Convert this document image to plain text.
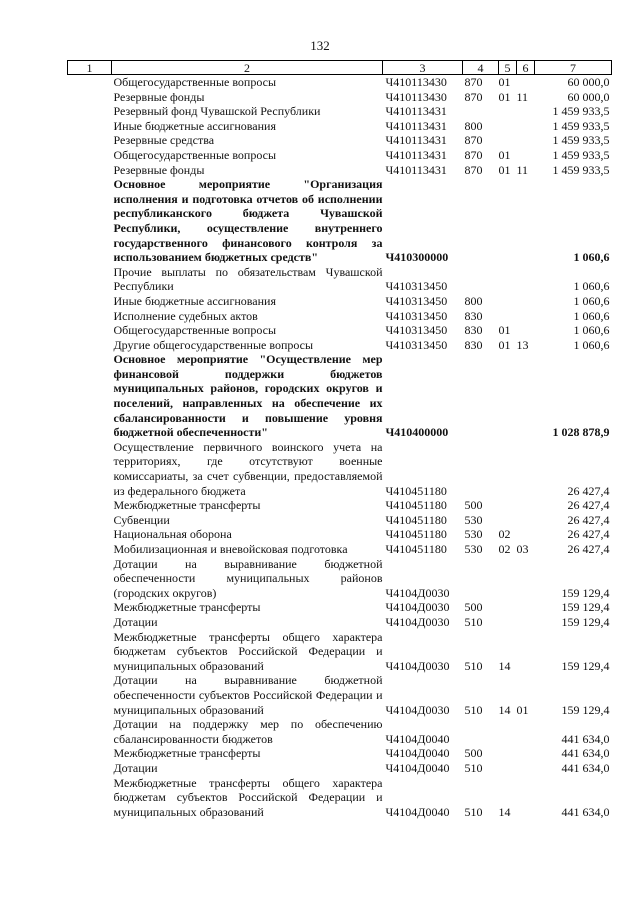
132
1	2	3	4	5	6	7
	Общегосударственные вопросы	Ч410113430	870	01		60 000,0
	Резервные фонды	Ч410113430	870	01	11	60 000,0
	Резервный фонд Чувашской Республики	Ч410113431				1 459 933,5
	Иные бюджетные ассигнования	Ч410113431	800			1 459 933,5
	Резервные средства	Ч410113431	870			1 459 933,5
	Общегосударственные вопросы	Ч410113431	870	01		1 459 933,5
	Резервные фонды	Ч410113431	870	01	11	1 459 933,5
	Основное мероприятие "Организация исполнения и подготовка отчетов об исполнении республиканского бюджета Чувашской Республики, осуществление внутреннего государственного финансового контроля за использованием бюджетных средств"	Ч410300000				1 060,6
	Прочие выплаты по обязательствам Чувашской Республики	Ч410313450				1 060,6
	Иные бюджетные ассигнования	Ч410313450	800			1 060,6
	Исполнение судебных актов	Ч410313450	830			1 060,6
	Общегосударственные вопросы	Ч410313450	830	01		1 060,6
	Другие общегосударственные вопросы	Ч410313450	830	01	13	1 060,6
	Основное мероприятие "Осуществление мер финансовой поддержки бюджетов муниципальных районов, городских округов и поселений, направленных на обеспечение их сбалансированности и повышение уровня бюджетной обеспеченности"	Ч410400000				1 028 878,9
	Осуществление первичного воинского учета на территориях, где отсутствуют военные комиссариаты, за счет субвенции, предоставляемой из федерального бюджета	Ч410451180				26 427,4
	Межбюджетные трансферты	Ч410451180	500			26 427,4
	Субвенции	Ч410451180	530			26 427,4
	Национальная оборона	Ч410451180	530	02		26 427,4
	Мобилизационная и вневойсковая подготовка	Ч410451180	530	02	03	26 427,4
	Дотации на выравнивание бюджетной обеспеченности муниципальных районов (городских округов)	Ч4104Д0030				159 129,4
	Межбюджетные трансферты	Ч4104Д0030	500			159 129,4
	Дотации	Ч4104Д0030	510			159 129,4
	Межбюджетные трансферты общего характера бюджетам субъектов Российской Федерации и муниципальных образований	Ч4104Д0030	510	14		159 129,4
	Дотации на выравнивание бюджетной обеспеченности субъектов Российской Федерации и муниципальных образований	Ч4104Д0030	510	14	01	159 129,4
	Дотации на поддержку мер по обеспечению сбалансированности бюджетов	Ч4104Д0040				441 634,0
	Межбюджетные трансферты	Ч4104Д0040	500			441 634,0
	Дотации	Ч4104Д0040	510			441 634,0
	Межбюджетные трансферты общего характера бюджетам субъектов Российской Федерации и муниципальных образований	Ч4104Д0040	510	14		441 634,0
